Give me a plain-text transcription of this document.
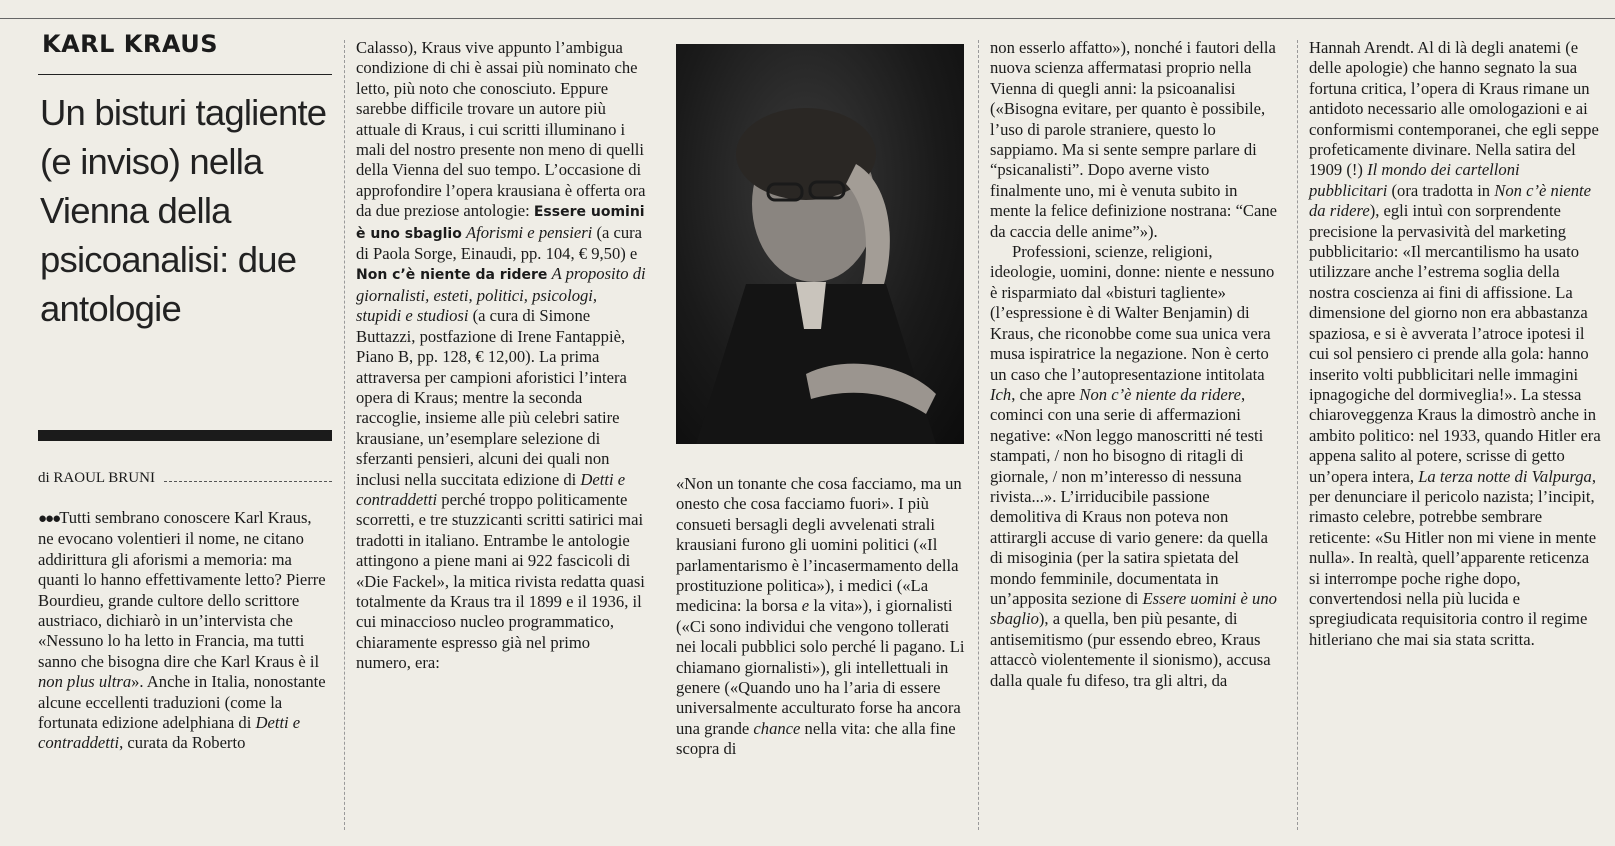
KARL KRAUS
Un bisturi tagliente (e inviso) nella Vienna della psicoanalisi: due antologie
di RAOUL BRUNI

●●●Tutti sembrano conoscere Karl Kraus, ne evocano volentieri il nome, ne citano addirittura gli aforismi a memoria: ma quanti lo hanno effettivamente letto? Pierre Bourdieu, grande cultore dello scrittore austriaco, dichiarò in un’intervista che «Nessuno lo ha letto in Francia, ma tutti sanno che bisogna dire che Karl Kraus è il non plus ultra». Anche in Italia, nonostante alcune eccellenti traduzioni (come la fortunata edizione adelphiana di Detti e contraddetti, curata da Roberto

Calasso), Kraus vive appunto l’ambigua condizione di chi è assai più nominato che letto, più noto che conosciuto. Eppure sarebbe difficile trovare un autore più attuale di Kraus, i cui scritti illuminano i mali del nostro presente non meno di quelli della Vienna del suo tempo. L’occasione di approfondire l’opera krausiana è offerta ora da due preziose antologie: Essere uomini è uno sbaglio Aforismi e pensieri (a cura di Paola Sorge, Einaudi, pp. 104, € 9,50) e Non c’è niente da ridere A proposito di giornalisti, esteti, politici, psicologi, stupidi e studiosi (a cura di Simone Buttazzi, postfazione di Irene Fantappiè, Piano B, pp. 128, € 12,00). La prima attraversa per campioni aforistici l’intera opera di Kraus; mentre la seconda raccoglie, insieme alle più celebri satire krausiane, un’esemplare selezione di sferzanti pensieri, alcuni dei quali non inclusi nella succitata edizione di Detti e contraddetti perché troppo politicamente scorretti, e tre stuzzicanti scritti satirici mai tradotti in italiano. Entrambe le antologie attingono a piene mani ai 922 fascicoli di «Die Fackel», la mitica rivista redatta quasi totalmente da Kraus tra il 1899 e il 1936, il cui minaccioso nucleo programmatico, chiaramente espresso già nel primo numero, era:

«Non un tonante che cosa facciamo, ma un onesto che cosa facciamo fuori». I più consueti bersagli degli avvelenati strali krausiani furono gli uomini politici («Il parlamentarismo è l’incasermamento della prostituzione politica»), i medici («La medicina: la borsa e la vita»), i giornalisti («Ci sono individui che vengono tollerati nei locali pubblici solo perché li pagano. Li chiamano giornalisti»), gli intellettuali in genere («Quando uno ha l’aria di essere universalmente acculturato forse ha ancora una grande chance nella vita: che alla fine scopra di

non esserlo affatto»), nonché i fautori della nuova scienza affermatasi proprio nella Vienna di quegli anni: la psicoanalisi («Bisogna evitare, per quanto è possibile, l’uso di parole straniere, questo lo sappiamo. Ma si sente sempre parlare di “psicanalisti”. Dopo averne visto finalmente uno, mi è venuta subito in mente la felice definizione nostrana: “Cane da caccia delle anime”»).

Professioni, scienze, religioni, ideologie, uomini, donne: niente e nessuno è risparmiato dal «bisturi tagliente» (l’espressione è di Walter Benjamin) di Kraus, che riconobbe come sua unica vera musa ispiratrice la negazione. Non è certo un caso che l’autopresentazione intitolata Ich, che apre Non c’è niente da ridere, cominci con una serie di affermazioni negative: «Non leggo manoscritti né testi stampati, / non ho bisogno di ritagli di giornale, / non m’interesso di nessuna rivista...». L’irriducibile passione demolitiva di Kraus non poteva non attirargli accuse di vario genere: da quella di misoginia (per la satira spietata del mondo femminile, documentata in un’apposita sezione di Essere uomini è uno sbaglio), a quella, ben più pesante, di antisemitismo (pur essendo ebreo, Kraus attaccò violentemente il sionismo), accusa dalla quale fu difeso, tra gli altri, da

Hannah Arendt. Al di là degli anatemi (e delle apologie) che hanno segnato la sua fortuna critica, l’opera di Kraus rimane un antidoto necessario alle omologazioni e ai conformismi contemporanei, che egli seppe profeticamente divinare. Nella satira del 1909 (!) Il mondo dei cartelloni pubblicitari (ora tradotta in Non c’è niente da ridere), egli intuì con sorprendente precisione la pervasività del marketing pubblicitario: «Il mercantilismo ha usato utilizzare anche l’estrema soglia della nostra coscienza ai fini di affissione. La dimensione del giorno non era abbastanza spaziosa, e si è avverata l’atroce ipotesi il cui sol pensiero ci prende alla gola: hanno inserito volti pubblicitari nelle immagini ipnagogiche del dormiveglia!». La stessa chiaroveggenza Kraus la dimostrò anche in ambito politico: nel 1933, quando Hitler era appena salito al potere, scrisse di getto un’opera intera, La terza notte di Valpurga, per denunciare il pericolo nazista; l’incipit, rimasto celebre, potrebbe sembrare reticente: «Su Hitler non mi viene in mente nulla». In realtà, quell’apparente reticenza si interrompe poche righe dopo, convertendosi nella più lucida e spregiudicata requisitoria contro il regime hitleriano che mai sia stata scritta.
